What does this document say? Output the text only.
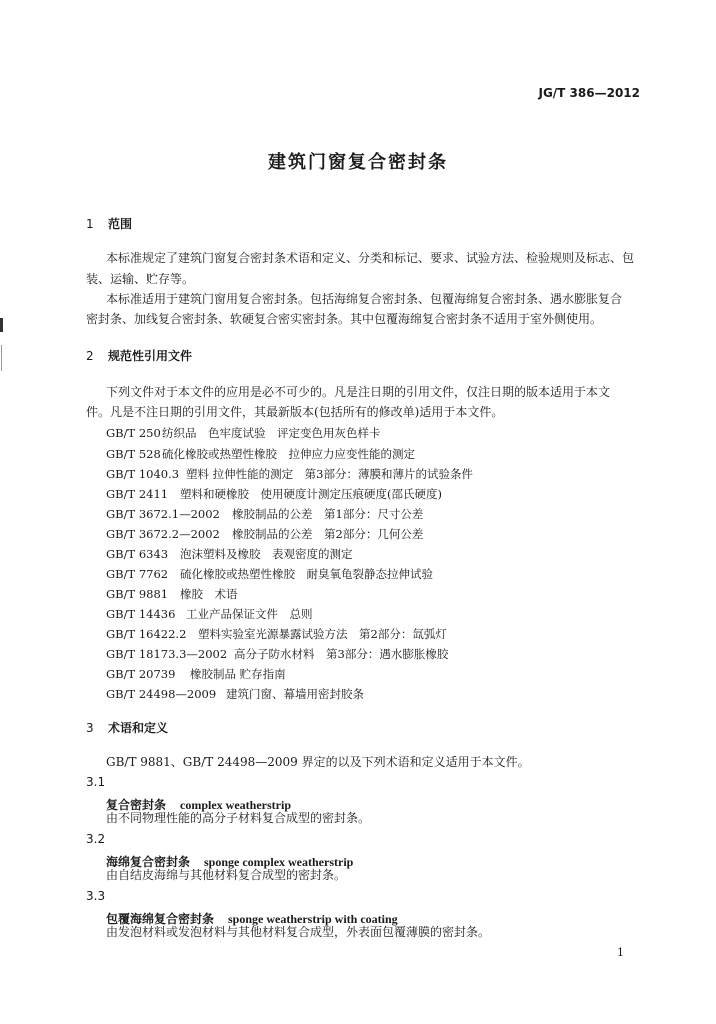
JG/T 386—2012
建筑门窗复合密封条
1 范围
本标准规定了建筑门窗复合密封条术语和定义、分类和标记、要求、试验方法、检验规则及标志、包
装、运输、贮存等。
本标准适用于建筑门窗用复合密封条。包括海绵复合密封条、包覆海绵复合密封条、遇水膨胀复合
密封条、加线复合密封条、软硬复合密实密封条。其中包覆海绵复合密封条不适用于室外侧使用。
2 规范性引用文件
下列文件对于本文件的应用是必不可少的。凡是注日期的引用文件，仅注日期的版本适用于本文
件。凡是不注日期的引用文件，其最新版本(包括所有的修改单)适用于本文件。
GB/T 250纺织品　色牢度试验　评定变色用灰色样卡
GB/T 528硫化橡胶或热塑性橡胶　拉伸应力应变性能的测定
GB/T 1040.3 塑料 拉伸性能的测定　第3部分：薄膜和薄片的试验条件
GB/T 2411 塑料和硬橡胶　使用硬度计测定压痕硬度(邵氏硬度)
GB/T 3672.1—2002 橡胶制品的公差　第1部分：尺寸公差
GB/T 3672.2—2002 橡胶制品的公差　第2部分：几何公差
GB/T 6343 泡沫塑料及橡胶　表观密度的测定
GB/T 7762 硫化橡胶或热塑性橡胶　耐臭氧龟裂静态拉伸试验
GB/T 9881 橡胶　术语
GB/T 14436 工业产品保证文件　总则
GB/T 16422.2 塑料实验室光源暴露试验方法　第2部分：氙弧灯
GB/T 18173.3—2002 高分子防水材料　第3部分：遇水膨胀橡胶
GB/T 20739 橡胶制品 贮存指南
GB/T 24498—2009 建筑门窗、幕墙用密封胶条
3 术语和定义
GB/T 9881、GB/T 24498—2009 界定的以及下列术语和定义适用于本文件。
3.1
复合密封条 complex weatherstrip
由不同物理性能的高分子材料复合成型的密封条。
3.2
海绵复合密封条 sponge complex weatherstrip
由自结皮海绵与其他材料复合成型的密封条。
3.3
包覆海绵复合密封条 sponge weatherstrip with coating
由发泡材料或发泡材料与其他材料复合成型，外表面包覆薄膜的密封条。
1
